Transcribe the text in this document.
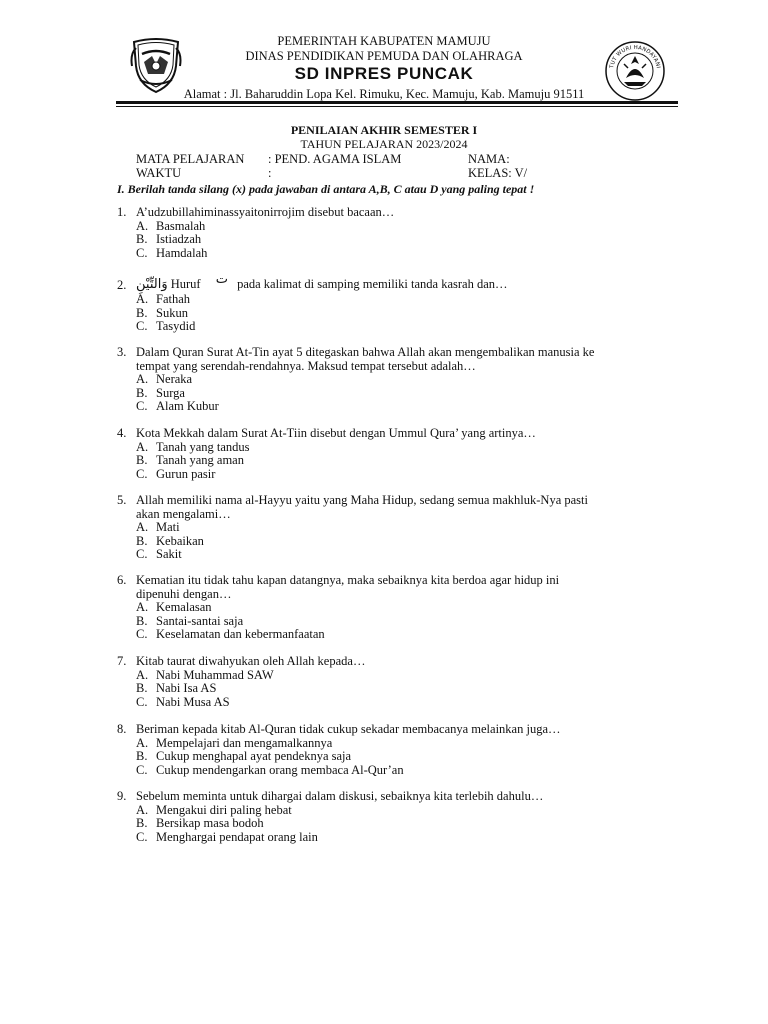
PEMERINTAH KABUPATEN MAMUJU
DINAS PENDIDIKAN PEMUDA DAN OLAHRAGA
SD INPRES PUNCAK
Alamat : Jl. Baharuddin Lopa Kel. Rimuku, Kec. Mamuju, Kab. Mamuju 91511
TUT WURI HANDAYANI
PENILAIAN AKHIR SEMESTER I
TAHUN PELAJARAN 2023/2024
MATA PELAJARAN : PEND. AGAMA ISLAM	NAMA:
WAKTU	:	KELAS: V/
I. Berilah tanda silang (x) pada jawaban di antara A,B, C atau D yang paling tepat !
1. A’udzubillahiminassyaitonirrojim disebut bacaan…
A. Basmalah
B. Istiadzah
C. Hamdalah
2. وَالتِّيْنِ Huruf ت pada kalimat di samping memiliki tanda kasrah dan…
A. Fathah
B. Sukun
C. Tasydid
3. Dalam Quran Surat At-Tin ayat 5 ditegaskan bahwa Allah akan mengembalikan manusia ke
tempat yang serendah-rendahnya. Maksud tempat tersebut adalah…
A. Neraka
B. Surga
C. Alam Kubur
4. Kota Mekkah dalam Surat At-Tiin disebut dengan Ummul Qura’ yang artinya…
A. Tanah yang tandus
B. Tanah yang aman
C. Gurun pasir
5. Allah memiliki nama al-Hayyu yaitu yang Maha Hidup, sedang semua makhluk-Nya pasti
akan mengalami…
A. Mati
B. Kebaikan
C. Sakit
6. Kematian itu tidak tahu kapan datangnya, maka sebaiknya kita berdoa agar hidup ini
dipenuhi dengan…
A. Kemalasan
B. Santai-santai saja
C. Keselamatan dan kebermanfaatan
7. Kitab taurat diwahyukan oleh Allah kepada…
A. Nabi Muhammad SAW
B. Nabi Isa AS
C. Nabi Musa AS
8. Beriman kepada kitab Al-Quran tidak cukup sekadar membacanya melainkan juga…
A. Mempelajari dan mengamalkannya
B. Cukup menghapal ayat pendeknya saja
C. Cukup mendengarkan orang membaca Al-Qur’an
9. Sebelum meminta untuk dihargai dalam diskusi, sebaiknya kita terlebih dahulu…
A. Mengakui diri paling hebat
B. Bersikap masa bodoh
C. Menghargai pendapat orang lain
